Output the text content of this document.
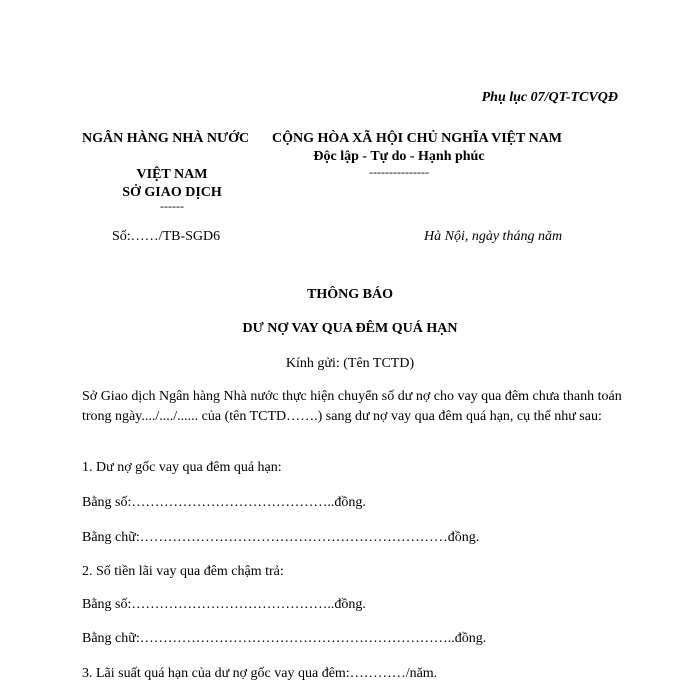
Phụ lục 07/QT-TCVQĐ
NGÂN HÀNG NHÀ NƯỚC
VIỆT NAM
SỞ GIAO DỊCH
------
Số:……/TB-SGD6
CỘNG HÒA XÃ HỘI CHỦ NGHĨA VIỆT NAM
Độc lập - Tự do - Hạnh phúc
---------------
Hà Nội, ngày tháng năm
THÔNG BÁO
DƯ NỢ VAY QUA ĐÊM QUÁ HẠN
Kính gửi: (Tên TCTD)
Sở Giao dịch Ngân hàng Nhà nước thực hiện chuyển số dư nợ cho vay qua đêm chưa thanh toán trong ngày..../..../...... của (tên TCTD…….) sang dư nợ vay qua đêm quá hạn, cụ thể như sau:
1. Dư nợ gốc vay qua đêm quá hạn:
Bằng số:……………………………………..đồng.
Bằng chữ:…………………………………………………………đồng.
2. Số tiền lãi vay qua đêm chậm trả:
Bằng số:……………………………………..đồng.
Bằng chữ:…………………………………………………………..đồng.
3. Lãi suất quá hạn của dư nợ gốc vay qua đêm:…………/năm.
